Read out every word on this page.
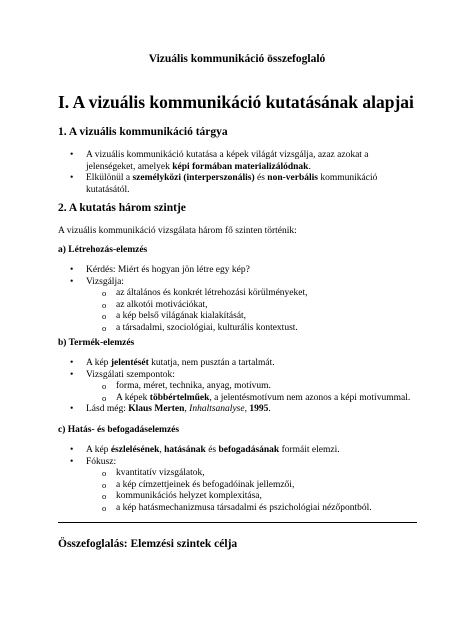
Vizuális kommunikáció összefoglaló
I. A vizuális kommunikáció kutatásának alapjai
1. A vizuális kommunikáció tárgya
• A vizuális kommunikáció kutatása a képek világát vizsgálja, azaz azokat a
jelenségeket, amelyek képi formában materializálódnak.
• Elkülönül a személyközi (interperszonális) és non-verbális kommunikáció
kutatásától.
2. A kutatás három szintje
A vizuális kommunikáció vizsgálata három fő szinten történik:
a) Létrehozás-elemzés
• Kérdés: Miért és hogyan jön létre egy kép?
• Vizsgálja:
o az általános és konkrét létrehozási körülményeket,
o az alkotói motivációkat,
o a kép belső világának kialakítását,
o a társadalmi, szociológiai, kulturális kontextust.
b) Termék-elemzés
• A kép jelentését kutatja, nem pusztán a tartalmát.
• Vizsgálati szempontok:
o forma, méret, technika, anyag, motívum.
o A képek többértelműek, a jelentésmotívum nem azonos a képi motívummal.
• Lásd még: Klaus Merten, Inhaltsanalyse, 1995.
c) Hatás- és befogadáselemzés
• A kép észlelésének, hatásának és befogadásának formáit elemzi.
• Fókusz:
o kvantitatív vizsgálatok,
o a kép címzettjeinek és befogadóinak jellemzői,
o kommunikációs helyzet komplexitása,
o a kép hatásmechanizmusa társadalmi és pszichológiai nézőpontból.
Összefoglalás: Elemzési szintek célja
